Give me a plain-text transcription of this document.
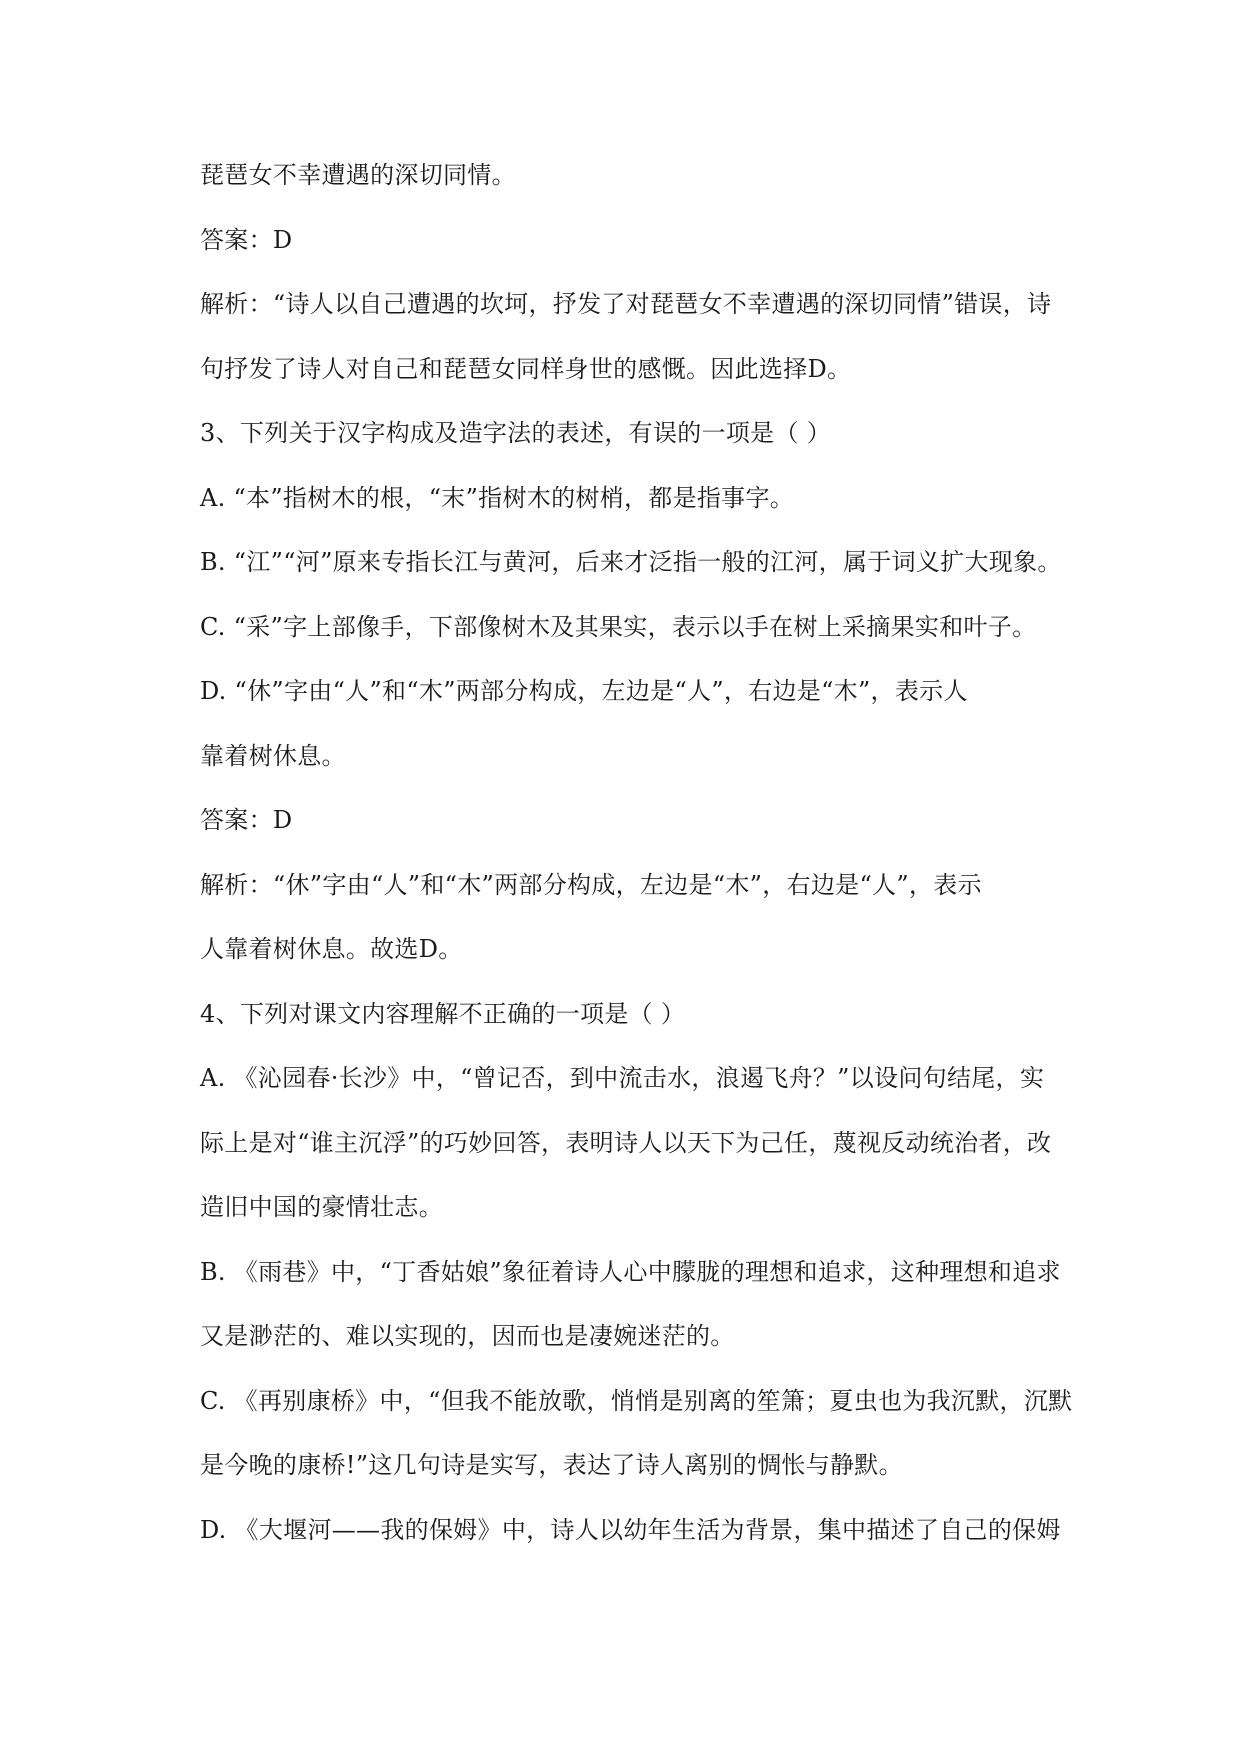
琵琶女不幸遭遇的深切同情。
答案：D
解析：“诗人以自己遭遇的坎坷，抒发了对琵琶女不幸遭遇的深切同情”错误，诗
句抒发了诗人对自己和琵琶女同样身世的感慨。因此选择D。
3、下列关于汉字构成及造字法的表述，有误的一项是（ ）
A. “本”指树木的根，“末”指树木的树梢，都是指事字。
B. “江”“河”原来专指长江与黄河，后来才泛指一般的江河，属于词义扩大现象。
C. “采”字上部像手，下部像树木及其果实，表示以手在树上采摘果实和叶子。
D. “休”字由“人”和“木”两部分构成，左边是“人”，右边是“木”，表示人
靠着树休息。
答案：D
解析：“休”字由“人”和“木”两部分构成，左边是“木”，右边是“人”，表示
人靠着树休息。故选D。
4、下列对课文内容理解不正确的一项是（ ）
A. 《沁园春·长沙》中，“曾记否，到中流击水，浪遏飞舟？”以设问句结尾，实
际上是对“谁主沉浮”的巧妙回答，表明诗人以天下为己任，蔑视反动统治者，改
造旧中国的豪情壮志。
B. 《雨巷》中，“丁香姑娘”象征着诗人心中朦胧的理想和追求，这种理想和追求
又是渺茫的、难以实现的，因而也是凄婉迷茫的。
C. 《再别康桥》中，“但我不能放歌，悄悄是别离的笙箫；夏虫也为我沉默，沉默
是今晚的康桥!”这几句诗是实写，表达了诗人离别的惆怅与静默。
D. 《大堰河——我的保姆》中，诗人以幼年生活为背景，集中描述了自己的保姆
